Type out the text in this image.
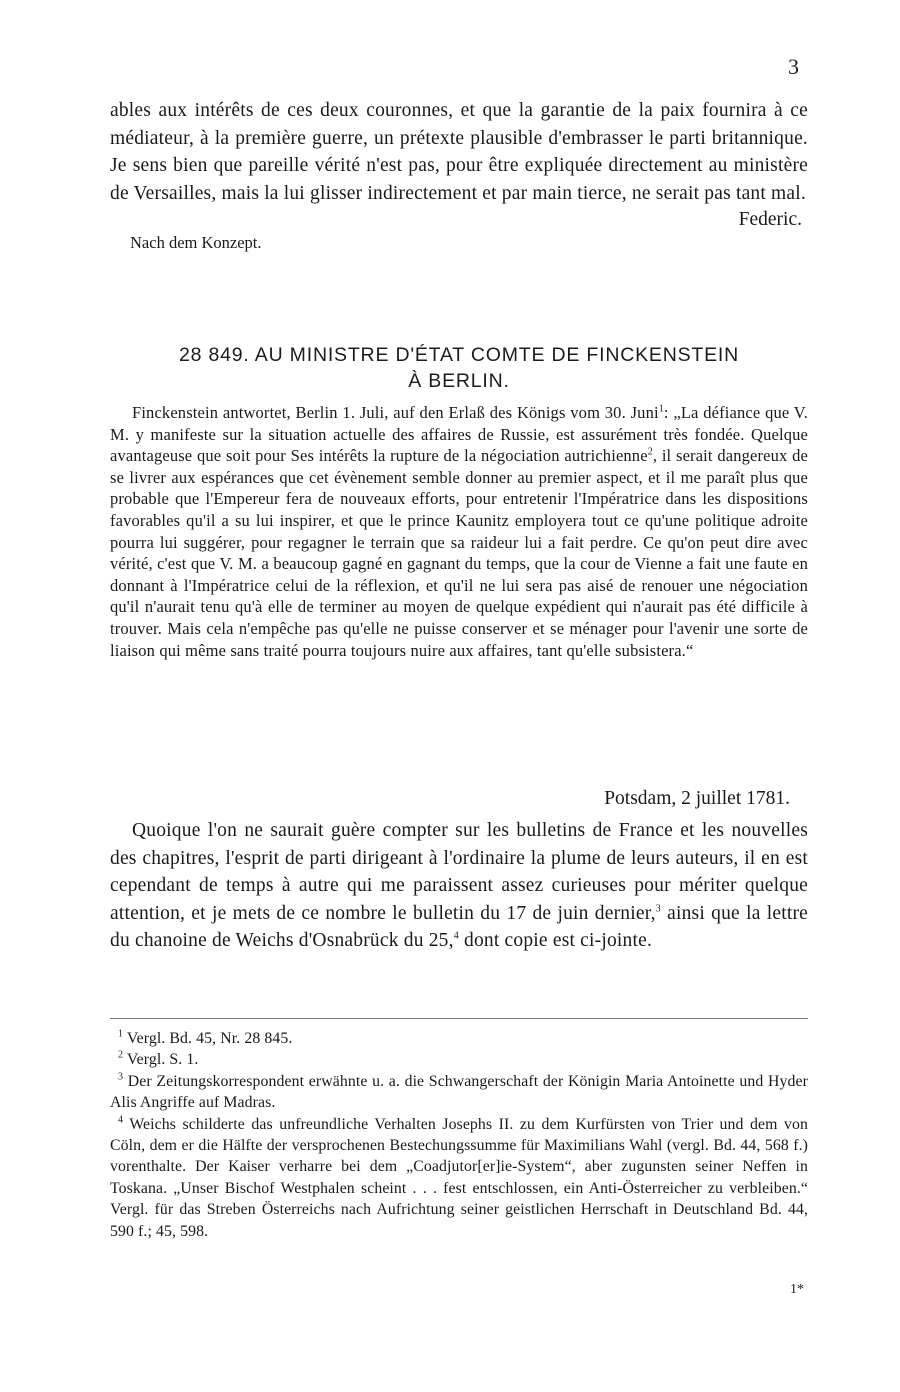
3

ables aux intérêts de ces deux couronnes, et que la garantie de la paix fournira à ce médiateur, à la première guerre, un prétexte plausible d'embrasser le parti britannique. Je sens bien que pareille vérité n'est pas, pour être expliquée directement au ministère de Versailles, mais la lui glisser indirectement et par main tierce, ne serait pas tant mal.

Federic.
Nach dem Konzept.
28 849. AU MINISTRE D'ÉTAT COMTE DE FINCKENSTEIN
À BERLIN.

Finckenstein antwortet, Berlin 1. Juli, auf den Erlaß des Königs vom 30. Juni$^1$: „La défiance que V. M. y manifeste sur la situation actuelle des affaires de Russie, est assurément très fondée. Quelque avantageuse que soit pour Ses intérêts la rupture de la négociation autrichienne$^2$, il serait dangereux de se livrer aux espérances que cet évènement semble donner au premier aspect, et il me paraît plus que probable que l'Empereur fera de nouveaux efforts, pour entretenir l'Impératrice dans les dispositions favorables qu'il a su lui inspirer, et que le prince Kaunitz employera tout ce qu'une politique adroite pourra lui suggérer, pour regagner le terrain que sa raideur lui a fait perdre. Ce qu'on peut dire avec vérité, c'est que V. M. a beaucoup gagné en gagnant du temps, que la cour de Vienne a fait une faute en donnant à l'Impératrice celui de la réflexion, et qu'il ne lui sera pas aisé de renouer une négociation qu'il n'aurait tenu qu'à elle de terminer au moyen de quelque expédient qui n'aurait pas été difficile à trouver. Mais cela n'empêche pas qu'elle ne puisse conserver et se ménager pour l'avenir une sorte de liaison qui même sans traité pourra toujours nuire aux affaires, tant qu'elle subsistera.“

Potsdam, 2 juillet 1781.

Quoique l'on ne saurait guère compter sur les bulletins de France et les nouvelles des chapitres, l'esprit de parti dirigeant à l'ordinaire la plume de leurs auteurs, il en est cependant de temps à autre qui me paraissent assez curieuses pour mériter quelque attention, et je mets de ce nombre le bulletin du 17 de juin dernier,$^3$ ainsi que la lettre du chanoine de Weichs d'Osnabrück du 25,$^4$ dont copie est ci-jointe.

$^1$ Vergl. Bd. 45, Nr. 28 845.

$^2$ Vergl. S. 1.

$^3$ Der Zeitungskorrespondent erwähnte u. a. die Schwangerschaft der Königin Maria Antoinette und Hyder Alis Angriffe auf Madras.

$^4$ Weichs schilderte das unfreundliche Verhalten Josephs II. zu dem Kurfürsten von Trier und dem von Cöln, dem er die Hälfte der versprochenen Bestechungssumme für Maximilians Wahl (vergl. Bd. 44, 568 f.) vorenthalte. Der Kaiser verharre bei dem „Coadjutor[er]ie-System“, aber zugunsten seiner Neffen in Toskana. „Unser Bischof Westphalen scheint . . . fest entschlossen, ein Anti-Österreicher zu verbleiben.“ Vergl. für das Streben Österreichs nach Aufrichtung seiner geistlichen Herrschaft in Deutschland Bd. 44, 590 f.; 45, 598.

1*
